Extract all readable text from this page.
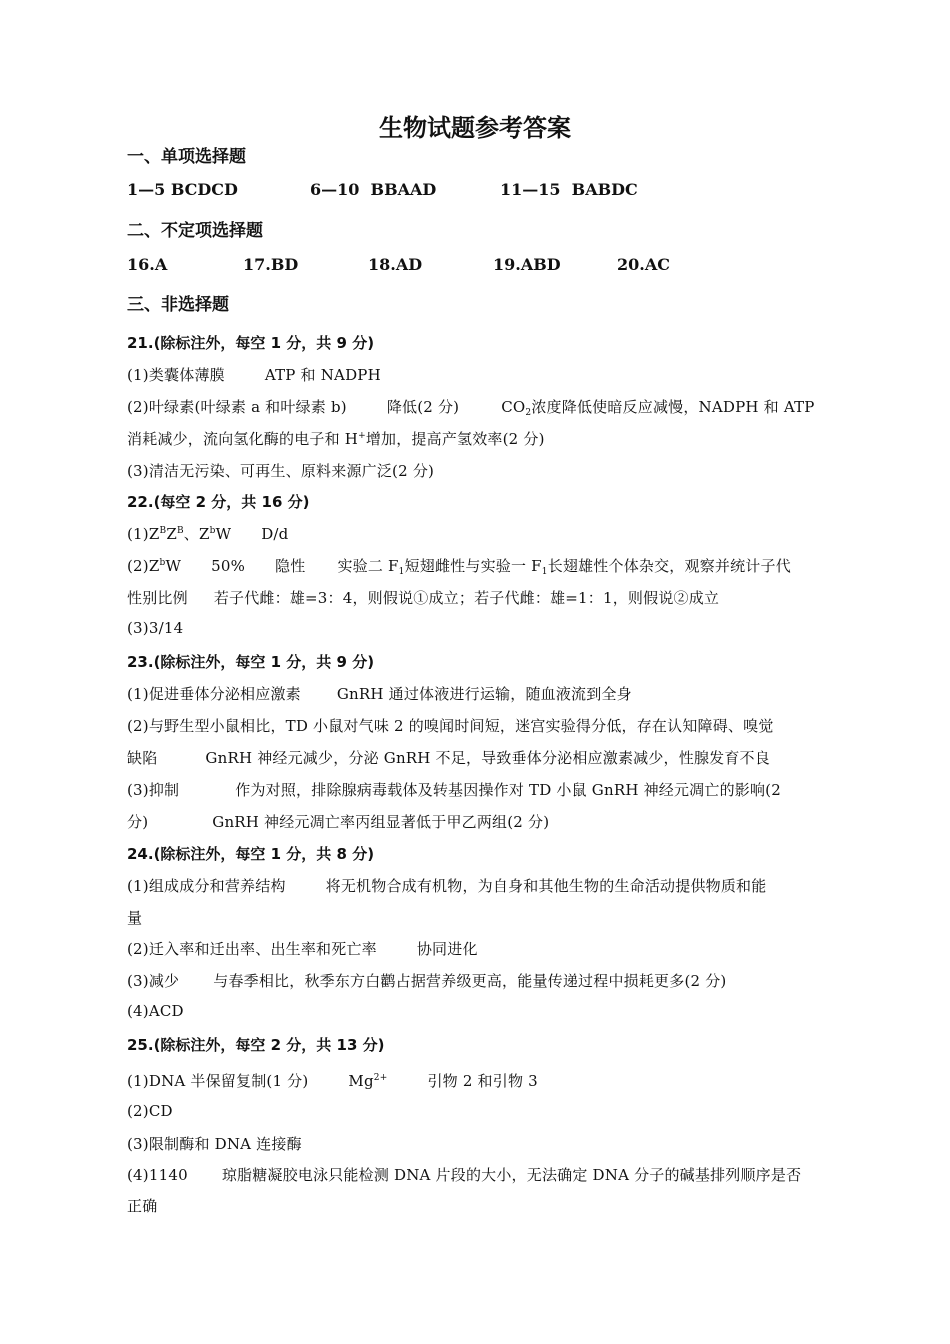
生物试题参考答案
一、单项选择题
1—5 BCDCD	6—10 BBAAD	11—15 BABDC
二、不定项选择题
16.A	17.BD	18.AD	19.ABD	20.AC
三、非选择题
21.(除标注外，每空 1 分，共 9 分)
(1)类囊体薄膜	ATP 和 NADPH
(2)叶绿素(叶绿素 a 和叶绿素 b)	降低(2 分)	$CO_2$浓度降低使暗反应减慢，NADPH 和 ATP
消耗减少，流向氢化酶的电子和 H+增加，提高产氢效率(2 分)
(3)清洁无污染、可再生、原料来源广泛(2 分)
22.(每空 2 分，共 16 分)
$(1)Z^BZ^B$、$Z^bW$ D/d
$(2)Z^bW$ 50% 隐性 实验二 $F_1$短翅雌性与实验一 $F_1$长翅雄性个体杂交，观察并统计子代
性别比例 若子代雌：雄=3：4，则假说①成立；若子代雌：雄=1：1，则假说②成立
(3)3/14
23.(除标注外，每空 1 分，共 9 分)
(1)促进垂体分泌相应激素 GnRH 通过体液进行运输，随血液流到全身
(2)与野生型小鼠相比，TD 小鼠对气味 2 的嗅闻时间短，迷宫实验得分低，存在认知障碍、嗅觉
缺陷	GnRH 神经元减少，分泌 GnRH 不足，导致垂体分泌相应激素减少，性腺发育不良
(3)抑制	作为对照，排除腺病毒载体及转基因操作对 TD 小鼠 GnRH 神经元凋亡的影响(2
分)	GnRH 神经元凋亡率丙组显著低于甲乙两组(2 分)
24.(除标注外，每空 1 分，共 8 分)
(1)组成成分和营养结构	将无机物合成有机物，为自身和其他生物的生命活动提供物质和能
量
(2)迁入率和迁出率、出生率和死亡率	协同进化
(3)减少 与春季相比，秋季东方白鹳占据营养级更高，能量传递过程中损耗更多(2 分)
(4)ACD
25.(除标注外，每空 2 分，共 13 分)
(1)DNA 半保留复制(1 分)	$Mg^{2+}$	引物 2 和引物 3
(2)CD
(3)限制酶和 DNA 连接酶
(4)1140 琼脂糖凝胶电泳只能检测 DNA 片段的大小，无法确定 DNA 分子的碱基排列顺序是否
正确
